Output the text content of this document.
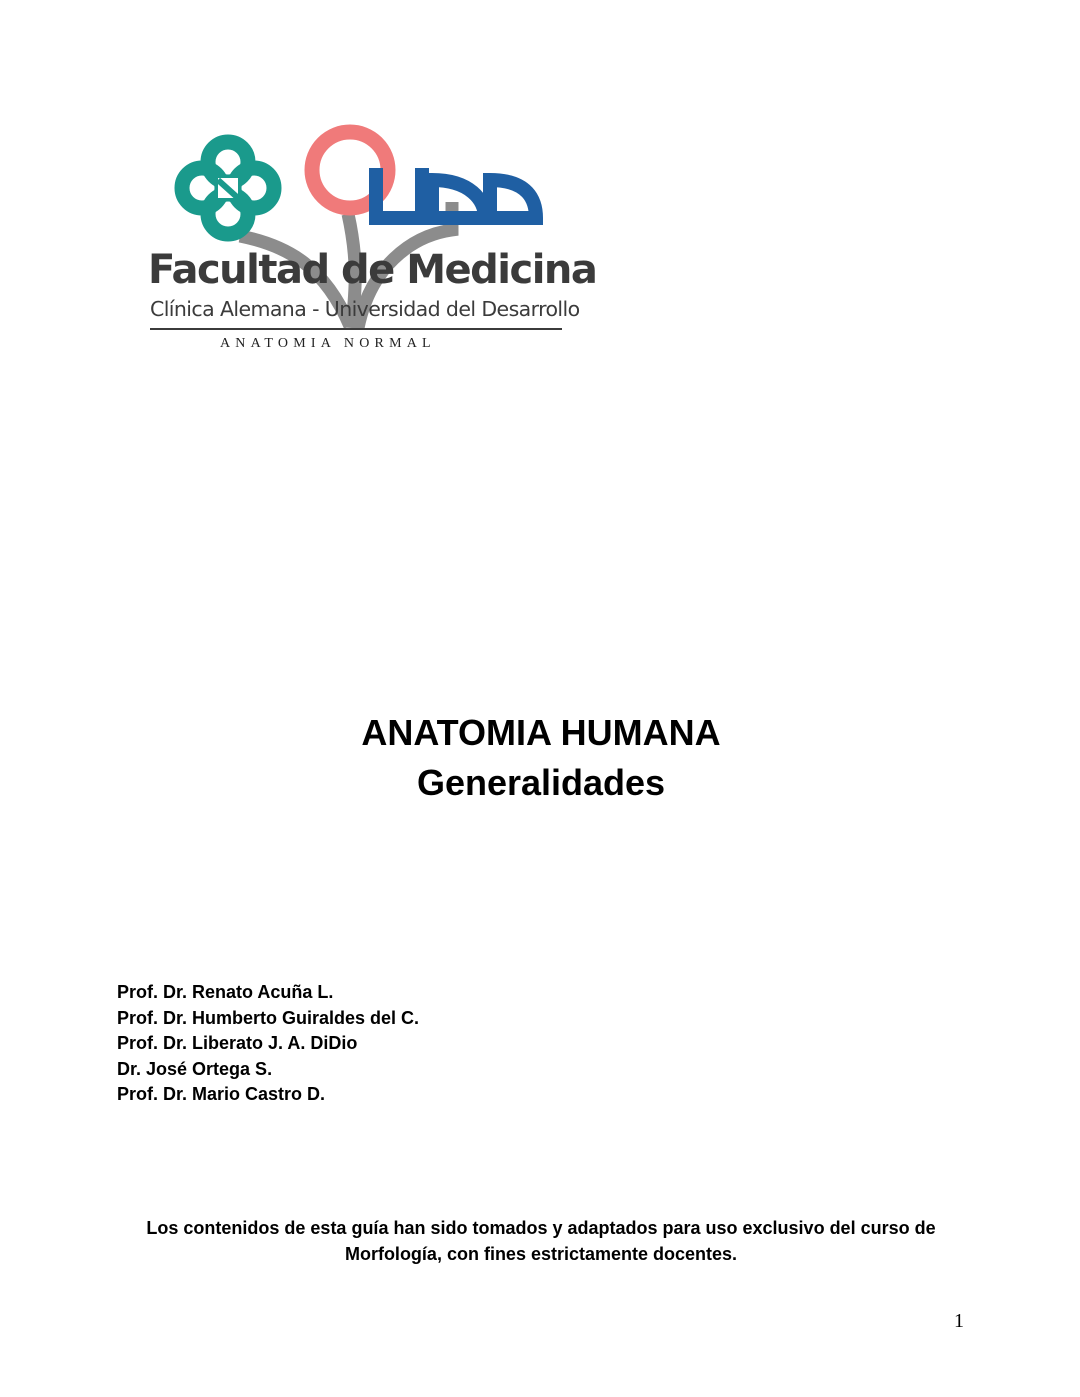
Facultad de Medicina
Clínica Alemana - Universidad del Desarrollo
ANATOMIA NORMAL
ANATOMIA HUMANA
Generalidades
Prof. Dr. Renato Acuña L.
Prof. Dr. Humberto Guiraldes del C.
Prof. Dr. Liberato J. A. DiDio
Dr. José Ortega S.
Prof. Dr. Mario Castro D.
Los contenidos de esta guía han sido tomados y adaptados para uso exclusivo del curso de
Morfología, con fines estrictamente docentes.
1
